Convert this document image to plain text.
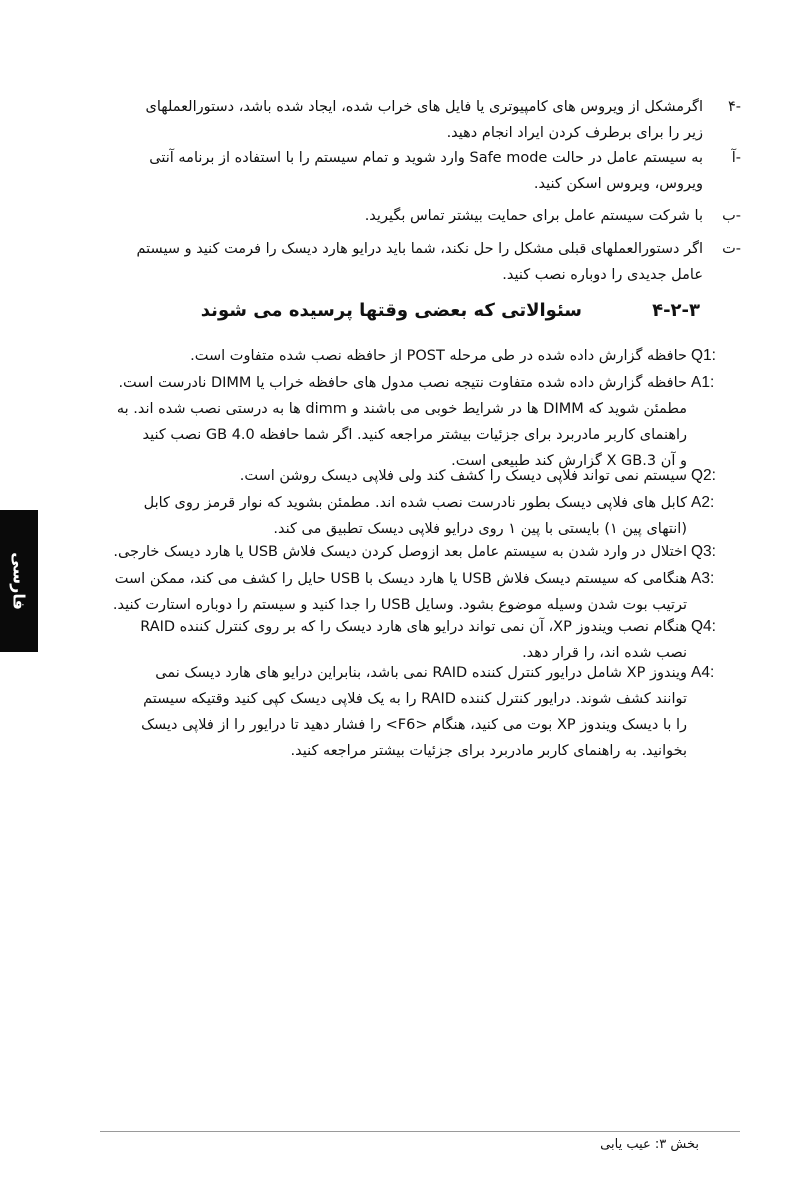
-۴

اگرمشکل از ویروس های کامپیوتری یا فایل های خراب شده، ایجاد شده باشد، دستورالعملهای

زیر را برای برطرف کردن ایراد انجام دهید.

-آ

به سیستم عامل در حالت Safe mode وارد شوید و تمام سیستم را با استفاده از برنامه آنتی

ویروس، ویروس اسکن کنید.

-ب

با شرکت سیستم عامل برای حمایت بیشتر تماس بگیرید.

-ت

اگر دستورالعملهای قبلی مشکل را حل نکند، شما باید درایو هارد دیسک را فرمت کنید و سیستم

عامل جدیدی را دوباره نصب کنید.

۴-۲-۳
سئوالاتی که بعضی وقتها پرسیده می شوند
Q1:

حافظه گزارش داده شده در طی مرحله POST از حافظه نصب شده متفاوت است.

A1:

حافظه گزارش داده شده متفاوت نتیجه نصب مدول های حافظه خراب یا DIMM نادرست است.

مطمئن شوید که DIMM ها در شرایط خوبی می باشند و dimm ها به درستی نصب شده اند. به

راهنمای کاربر مادربرد برای جزئیات بیشتر مراجعه کنید. اگر شما حافظه 4.0 GB نصب کنید

و آن 3.X GB گزارش کند طبیعی است.

Q2:

سیستم نمی تواند فلاپی دیسک را کشف کند ولی فلاپی دیسک روشن است.

A2:

کابل های فلاپی دیسک بطور نادرست نصب شده اند. مطمئن بشوید که نوار قرمز روی کابل

(انتهای پین ۱) بایستی با پین ۱ روی درایو فلاپی دیسک تطبیق می کند.

Q3:

اختلال در وارد شدن به سیستم عامل بعد ازوصل کردن دیسک فلاش USB یا هارد دیسک خارجی.

A3:

هنگامی که سیستم دیسک فلاش USB یا هارد دیسک با USB حایل را کشف می کند، ممکن است

ترتیب بوت شدن وسیله موضوع بشود. وسایل USB را جدا کنید و سیستم را دوباره استارت کنید.

Q4:

هنگام نصب ویندوز XP، آن نمی تواند درایو های هارد دیسک را که بر روی کنترل کننده RAID

نصب شده اند، را قرار دهد.

A4:

ویندوز XP شامل درایور کنترل کننده RAID نمی باشد، بنابراین درایو های هارد دیسک نمی

توانند کشف شوند. درایور کنترل کننده RAID را به یک فلاپی دیسک کپی کنید وقتیکه سیستم

را با دیسک ویندوز XP بوت می کنید، هنگام <F6> را فشار دهید تا درایور را از فلاپی دیسک

بخوانید. به راهنمای کاربر مادربرد برای جزئیات بیشتر مراجعه کنید.

فارسی
بخش ۳: عیب یابی
